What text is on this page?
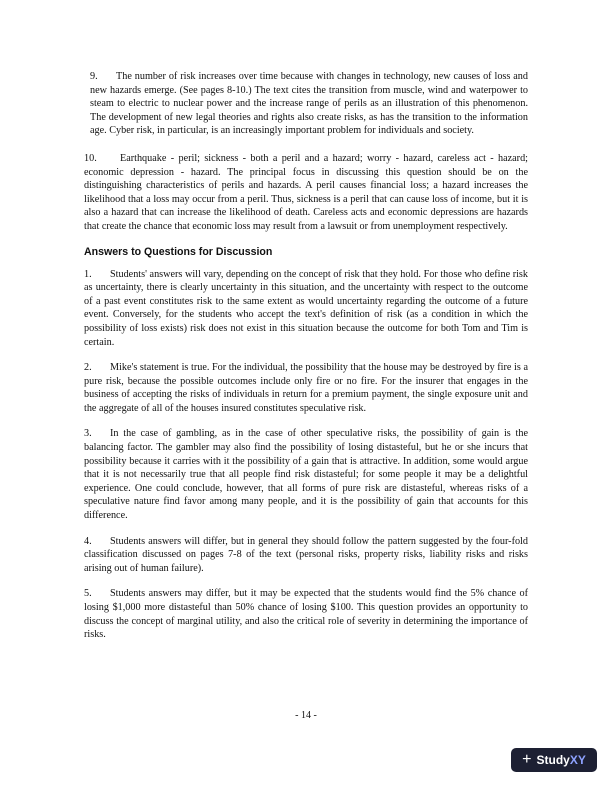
9. The number of risk increases over time because with changes in technology, new causes of loss and new hazards emerge. (See pages 8-10.) The text cites the transition from muscle, wind and waterpower to steam to electric to nuclear power and the increase range of perils as an illustration of this phenomenon. The development of new legal theories and rights also create risks, as has the transition to the information age. Cyber risk, in particular, is an increasingly important problem for individuals and society.

10. Earthquake - peril; sickness - both a peril and a hazard; worry - hazard, careless act - hazard; economic depression - hazard. The principal focus in discussing this question should be on the distinguishing characteristics of perils and hazards. A peril causes financial loss; a hazard increases the likelihood that a loss may occur from a peril. Thus, sickness is a peril that can cause loss of income, but it is also a hazard that can increase the likelihood of death. Careless acts and economic depressions are hazards that create the chance that economic loss may result from a lawsuit or from unemployment respectively.

Answers to Questions for Discussion

1. Students' answers will vary, depending on the concept of risk that they hold. For those who define risk as uncertainty, there is clearly uncertainty in this situation, and the uncertainty with respect to the outcome of a past event constitutes risk to the same extent as would uncertainty regarding the outcome of a future event. Conversely, for the students who accept the text's definition of risk (as a condition in which the possibility of loss exists) risk does not exist in this situation because the outcome for both Tom and Tim is certain.

2. Mike's statement is true. For the individual, the possibility that the house may be destroyed by fire is a pure risk, because the possible outcomes include only fire or no fire. For the insurer that engages in the business of accepting the risks of individuals in return for a premium payment, the single exposure unit and the aggregate of all of the houses insured constitutes speculative risk.

3. In the case of gambling, as in the case of other speculative risks, the possibility of gain is the balancing factor. The gambler may also find the possibility of losing distasteful, but he or she incurs that possibility because it carries with it the possibility of a gain that is attractive. In addition, some would argue that it is not necessarily true that all people find risk distasteful; for some people it may be a delightful experience. One could conclude, however, that all forms of pure risk are distasteful, whereas risks of a speculative nature find favor among many people, and it is the possibility of gain that accounts for this difference.

4. Students answers will differ, but in general they should follow the pattern suggested by the four-fold classification discussed on pages 7-8 of the text (personal risks, property risks, liability risks and risks arising out of human failure).

5. Students answers may differ, but it may be expected that the students would find the 5% chance of losing $1,000 more distasteful than 50% chance of losing $100. This question provides an opportunity to discuss the concept of marginal utility, and also the critical role of severity in determining the importance of risks.

- 14 -
+ StudyXY
